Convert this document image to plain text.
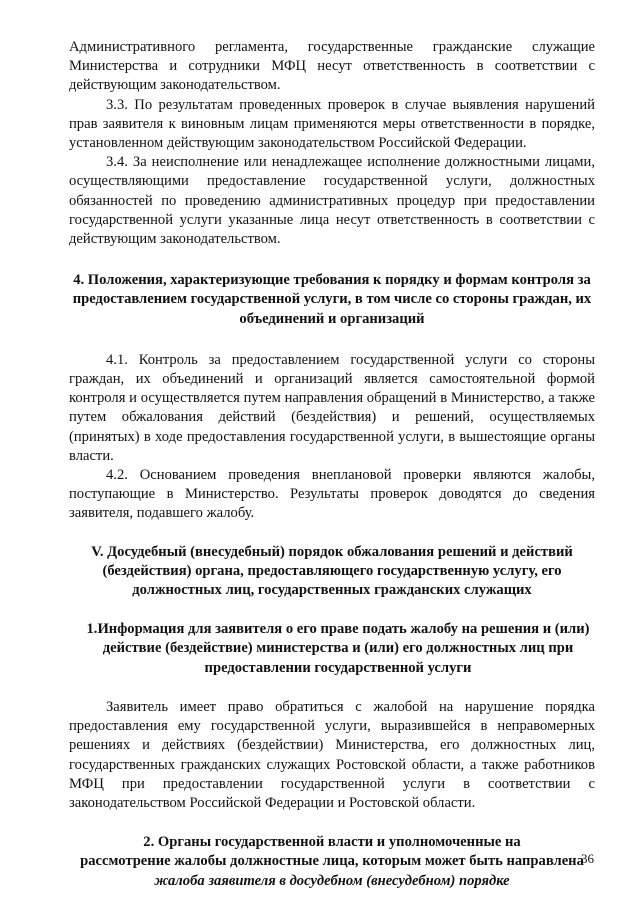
Административного регламента, государственные гражданские служащие Министерства и сотрудники МФЦ несут ответственность в соответствии с действующим законодательством.

3.3. По результатам проведенных проверок в случае выявления нарушений прав заявителя к виновным лицам применяются меры ответственности в порядке, установленном действующим законодательством Российской Федерации.

3.4. За неисполнение или ненадлежащее исполнение должностными лицами, осуществляющими предоставление государственной услуги, должностных обязанностей по проведению административных процедур при предоставлении государственной услуги указанные лица несут ответственность в соответствии с действующим законодательством.

4. Положения, характеризующие требования к порядку и формам контроля за предоставлением государственной услуги, в том числе со стороны граждан, их объединений и организаций

4.1. Контроль за предоставлением государственной услуги со стороны граждан, их объединений и организаций является самостоятельной формой контроля и осуществляется путем направления обращений в Министерство, а также путем обжалования действий (бездействия) и решений, осуществляемых (принятых) в ходе предоставления государственной услуги, в вышестоящие органы власти.

4.2. Основанием проведения внеплановой проверки являются жалобы, поступающие в Министерство. Результаты проверок доводятся до сведения заявителя, подавшего жалобу.

V. Досудебный (внесудебный) порядок обжалования решений и действий (бездействия) органа, предоставляющего государственную услугу, его должностных лиц, государственных гражданских служащих
1.Информация для заявителя о его праве подать жалобу на решения и (или) действие (бездействие) министерства и (или) его должностных лиц при предоставлении государственной услуги

Заявитель имеет право обратиться с жалобой на нарушение порядка предоставления ему государственной услуги, выразившейся в неправомерных решениях и действиях (бездействии) Министерства, его должностных лиц, государственных гражданских служащих Ростовской области, а также работников МФЦ при предоставлении государственной услуги в соответствии с законодательством Российской Федерации и Ростовской области.

2. Органы государственной власти и уполномоченные на
рассмотрение жалобы должностные лица, которым может быть направлена
жалоба заявителя в досудебном (внесудебном) порядке
36
